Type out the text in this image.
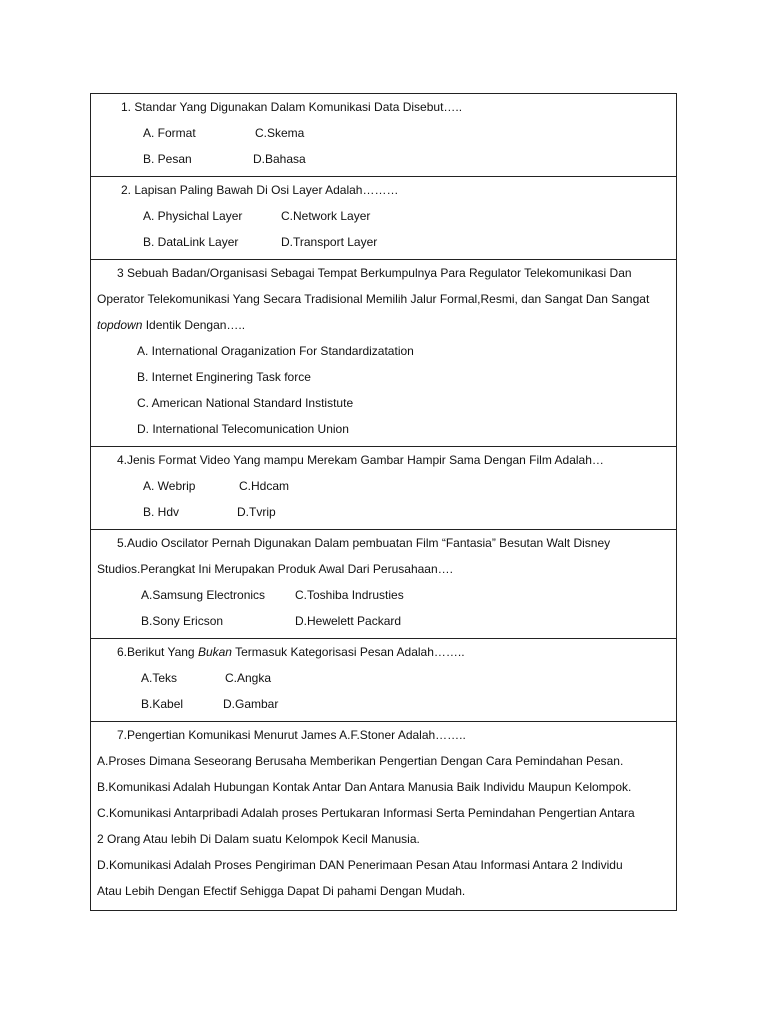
1. Standar Yang Digunakan Dalam Komunikasi Data Disebut…..
A. Format	C.Skema
B. Pesan	D.Bahasa
2. Lapisan Paling Bawah Di Osi Layer Adalah………
A. Physichal Layer	C.Network Layer
B. DataLink Layer	D.Transport Layer
3 Sebuah Badan/Organisasi Sebagai Tempat Berkumpulnya Para Regulator Telekomunikasi Dan
Operator Telekomunikasi Yang Secara Tradisional Memilih Jalur Formal,Resmi, dan Sangat Dan Sangat
topdown Identik Dengan…..
A. International Oraganization For Standardizatation
B. Internet Enginering Task force
C. American National Standard Instistute
D. International Telecomunication Union
4.Jenis Format Video Yang mampu Merekam Gambar Hampir Sama Dengan Film Adalah…
A. Webrip	C.Hdcam
B. Hdv	D.Tvrip
5.Audio Oscilator Pernah Digunakan Dalam pembuatan Film “Fantasia” Besutan Walt Disney
Studios.Perangkat Ini Merupakan Produk Awal Dari Perusahaan….
A.Samsung Electronics C.Toshiba Indrusties
B.Sony Ericson	D.Hewelett Packard
6.Berikut Yang Bukan Termasuk Kategorisasi Pesan Adalah……..
A.Teks	C.Angka
B.Kabel	D.Gambar
7.Pengertian Komunikasi Menurut James A.F.Stoner Adalah……..
A.Proses Dimana Seseorang Berusaha Memberikan Pengertian Dengan Cara Pemindahan Pesan.
B.Komunikasi Adalah Hubungan Kontak Antar Dan Antara Manusia Baik Individu Maupun Kelompok.
C.Komunikasi Antarpribadi Adalah proses Pertukaran Informasi Serta Pemindahan Pengertian Antara
2 Orang Atau lebih Di Dalam suatu Kelompok Kecil Manusia.
D.Komunikasi Adalah Proses Pengiriman DAN Penerimaan Pesan Atau Informasi Antara 2 Individu
Atau Lebih Dengan Efectif Sehigga Dapat Di pahami Dengan Mudah.
